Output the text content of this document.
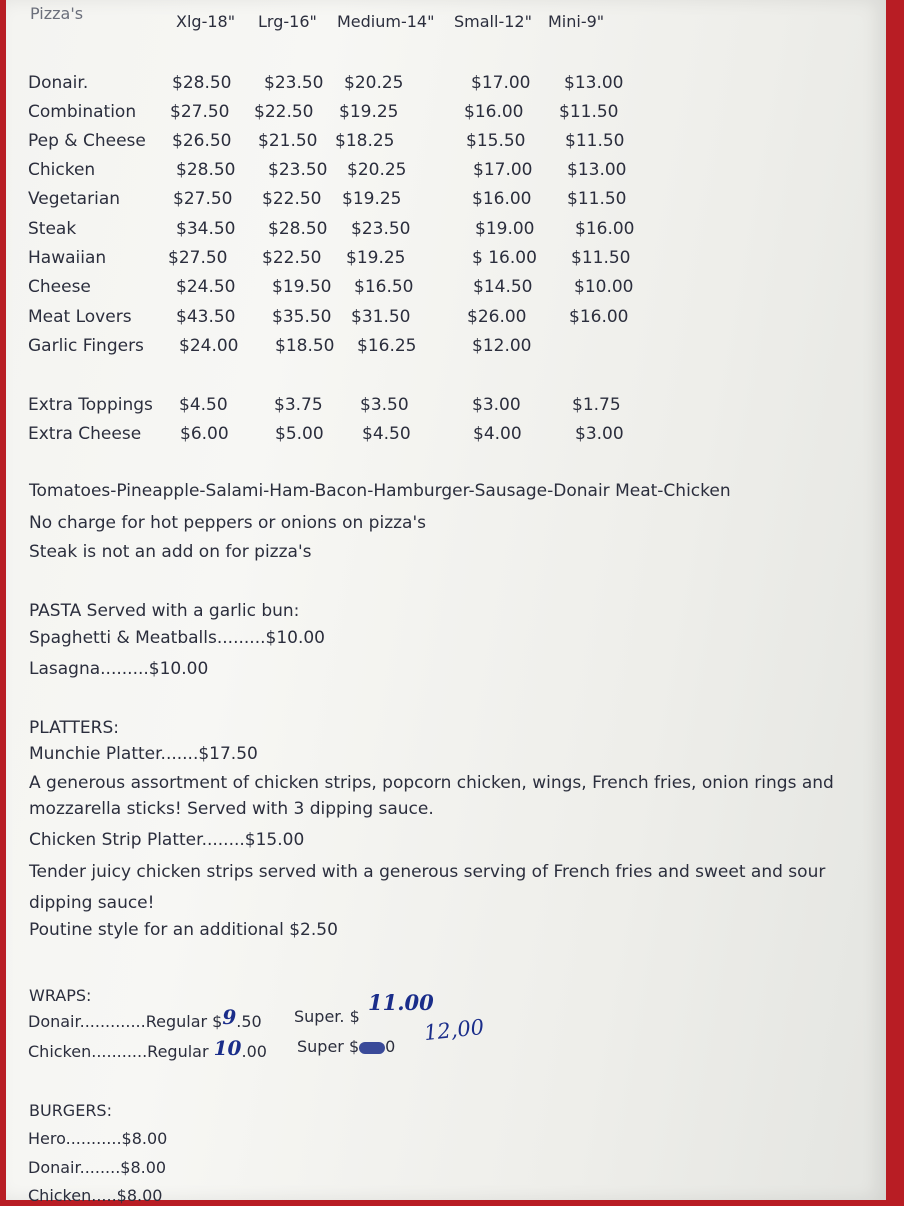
Pizza's	Xlg-18" Lrg-16" Medium-14" Small-12" Mini-9"
Donair.	$28.50 $23.50 $20.25	$17.00 $13.00
Combination $27.50 $22.50 $19.25	$16.00 $11.50
Pep & Cheese $26.50 $21.50 $18.25	$15.50 $11.50
Chicken	$28.50 $23.50 $20.25	$17.00 $13.00
Vegetarian	$27.50 $22.50 $19.25	$16.00 $11.50
Steak	$34.50 $28.50 $23.50	$19.00 $16.00
Hawaiian	$27.50 $22.50 $19.25	$ 16.00 $11.50
Cheese	$24.50 $19.50 $16.50	$14.50 $10.00
Meat Lovers	$43.50 $35.50 $31.50	$26.00	$16.00
Garlic Fingers $24.00 $18.50 $16.25	$12.00
Extra Toppings $4.50	$3.75 $3.50	$3.00	$1.75
Extra Cheese $6.00	$5.00 $4.50	$4.00	$3.00
Tomatoes-Pineapple-Salami-Ham-Bacon-Hamburger-Sausage-Donair Meat-Chicken
No charge for hot peppers or onions on pizza's
Steak is not an add on for pizza's
PASTA Served with a garlic bun:
Spaghetti & Meatballs.........$10.00
Lasagna.........$10.00
PLATTERS:
Munchie Platter.......$17.50
A generous assortment of chicken strips, popcorn chicken, wings, French fries, onion rings and
mozzarella sticks! Served with 3 dipping sauce.
Chicken Strip Platter........$15.00
Tender juicy chicken strips served with a generous serving of French fries and sweet and sour
dipping sauce!
Poutine style for an additional $2.50
WRAPS:
Donair.............Regular $9.50 Super. $
11.00
Chicken...........Regular 10.00 Super $ 0
12,00
BURGERS:
Hero...........$8.00
Donair........$8.00
Chicken.....$8.00
